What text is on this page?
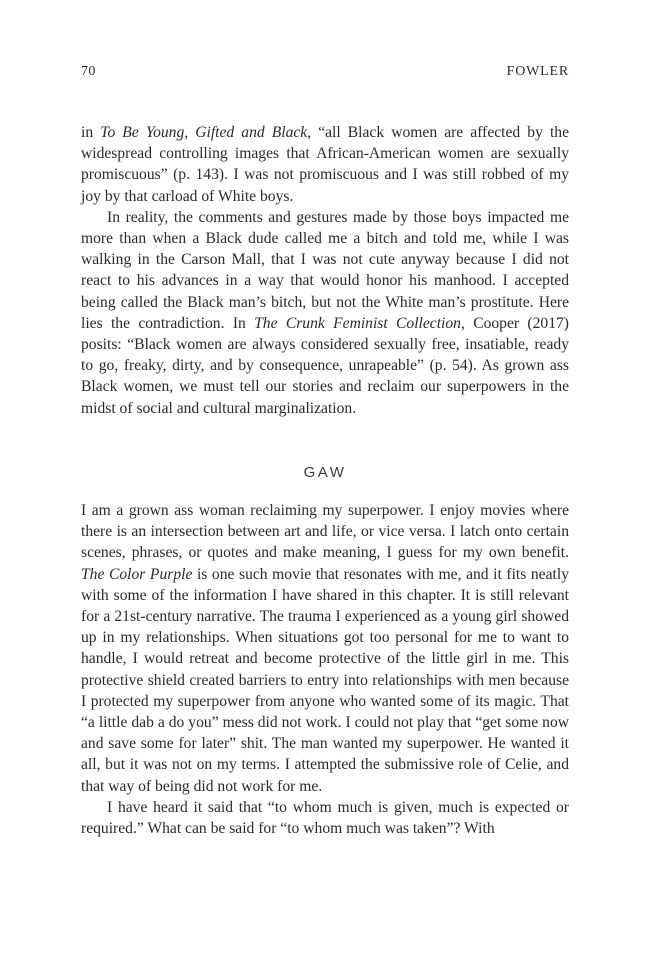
70	FOWLER

in To Be Young, Gifted and Black, “all Black women are affected by the widespread controlling images that African-American women are sexually promiscuous” (p. 143). I was not promiscuous and I was still robbed of my joy by that carload of White boys.

In reality, the comments and gestures made by those boys impacted me more than when a Black dude called me a bitch and told me, while I was walking in the Carson Mall, that I was not cute anyway because I did not react to his advances in a way that would honor his manhood. I accepted being called the Black man’s bitch, but not the White man’s prostitute. Here lies the contradiction. In The Crunk Feminist Collection, Cooper (2017) posits: “Black women are always considered sexually free, insatiable, ready to go, freaky, dirty, and by consequence, unrapeable” (p. 54). As grown ass Black women, we must tell our stories and reclaim our superpowers in the midst of social and cultural marginalization.

GAW

I am a grown ass woman reclaiming my superpower. I enjoy movies where there is an intersection between art and life, or vice versa. I latch onto certain scenes, phrases, or quotes and make meaning, I guess for my own benefit. The Color Purple is one such movie that resonates with me, and it fits neatly with some of the information I have shared in this chapter. It is still relevant for a 21st-century narrative. The trauma I experienced as a young girl showed up in my relationships. When situations got too personal for me to want to handle, I would retreat and become protective of the little girl in me. This protective shield created barriers to entry into relationships with men because I protected my superpower from anyone who wanted some of its magic. That “a little dab a do you” mess did not work. I could not play that “get some now and save some for later” shit. The man wanted my superpower. He wanted it all, but it was not on my terms. I attempted the submissive role of Celie, and that way of being did not work for me.

I have heard it said that “to whom much is given, much is expected or required.” What can be said for “to whom much was taken”? With
